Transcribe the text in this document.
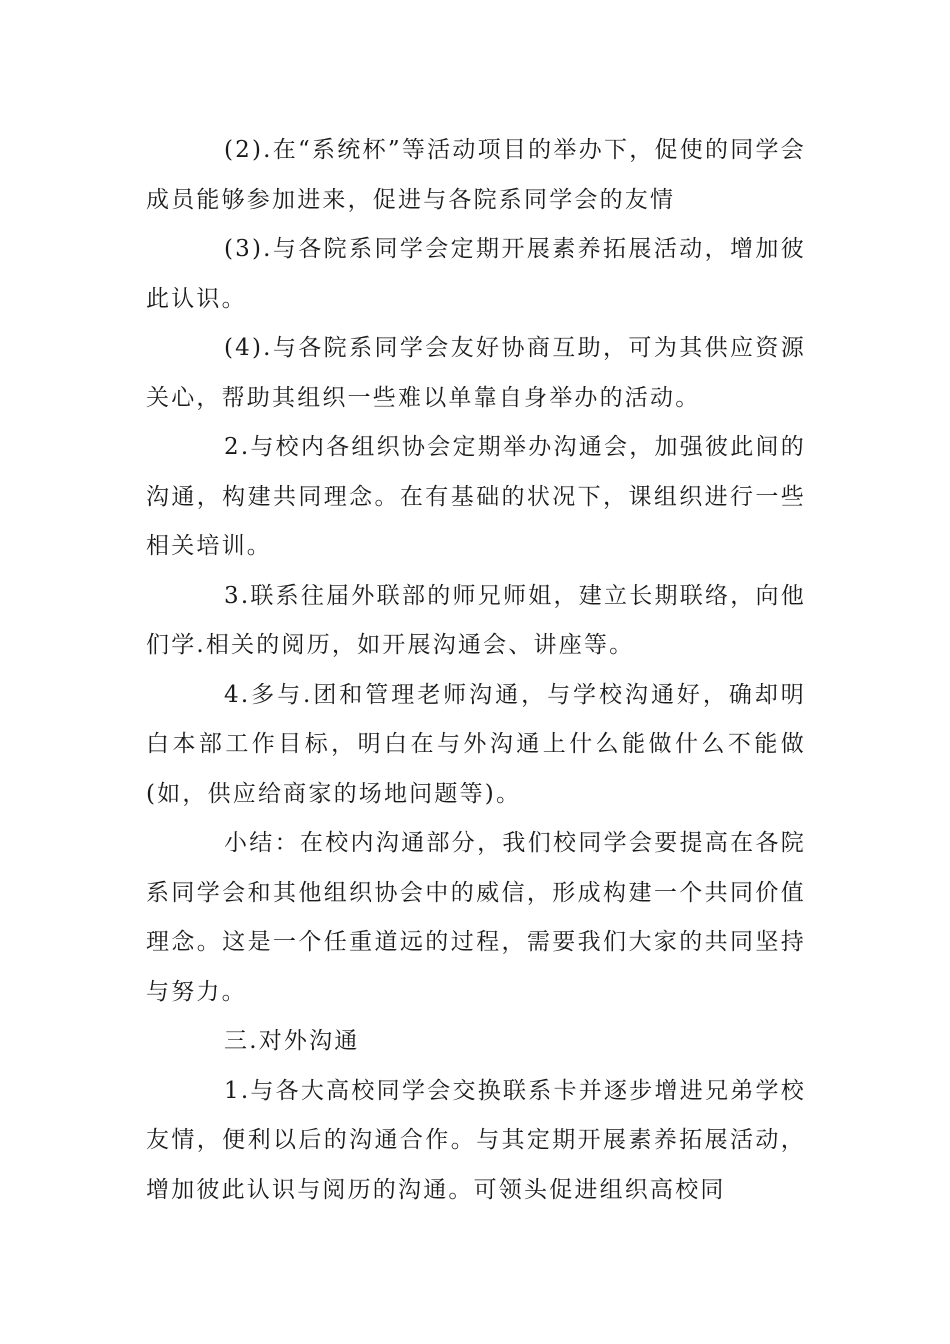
(2).在“系统杯”等活动项目的举办下，促使的同学会成员能够参加进来，促进与各院系同学会的友情

(3).与各院系同学会定期开展素养拓展活动，增加彼此认识。

(4).与各院系同学会友好协商互助，可为其供应资源关心，帮助其组织一些难以单靠自身举办的活动。

2.与校内各组织协会定期举办沟通会，加强彼此间的沟通，构建共同理念。在有基础的状况下，课组织进行一些相关培训。

3.联系往届外联部的师兄师姐，建立长期联络，向他们学.相关的阅历，如开展沟通会、讲座等。

4.多与.团和管理老师沟通，与学校沟通好，确却明白本部工作目标，明白在与外沟通上什么能做什么不能做(如，供应给商家的场地问题等)。

小结：在校内沟通部分，我们校同学会要提高在各院系同学会和其他组织协会中的威信，形成构建一个共同价值理念。这是一个任重道远的过程，需要我们大家的共同坚持与努力。

三.对外沟通

1.与各大高校同学会交换联系卡并逐步增进兄弟学校友情，便利以后的沟通合作。与其定期开展素养拓展活动，增加彼此认识与阅历的沟通。可领头促进组织高校同
